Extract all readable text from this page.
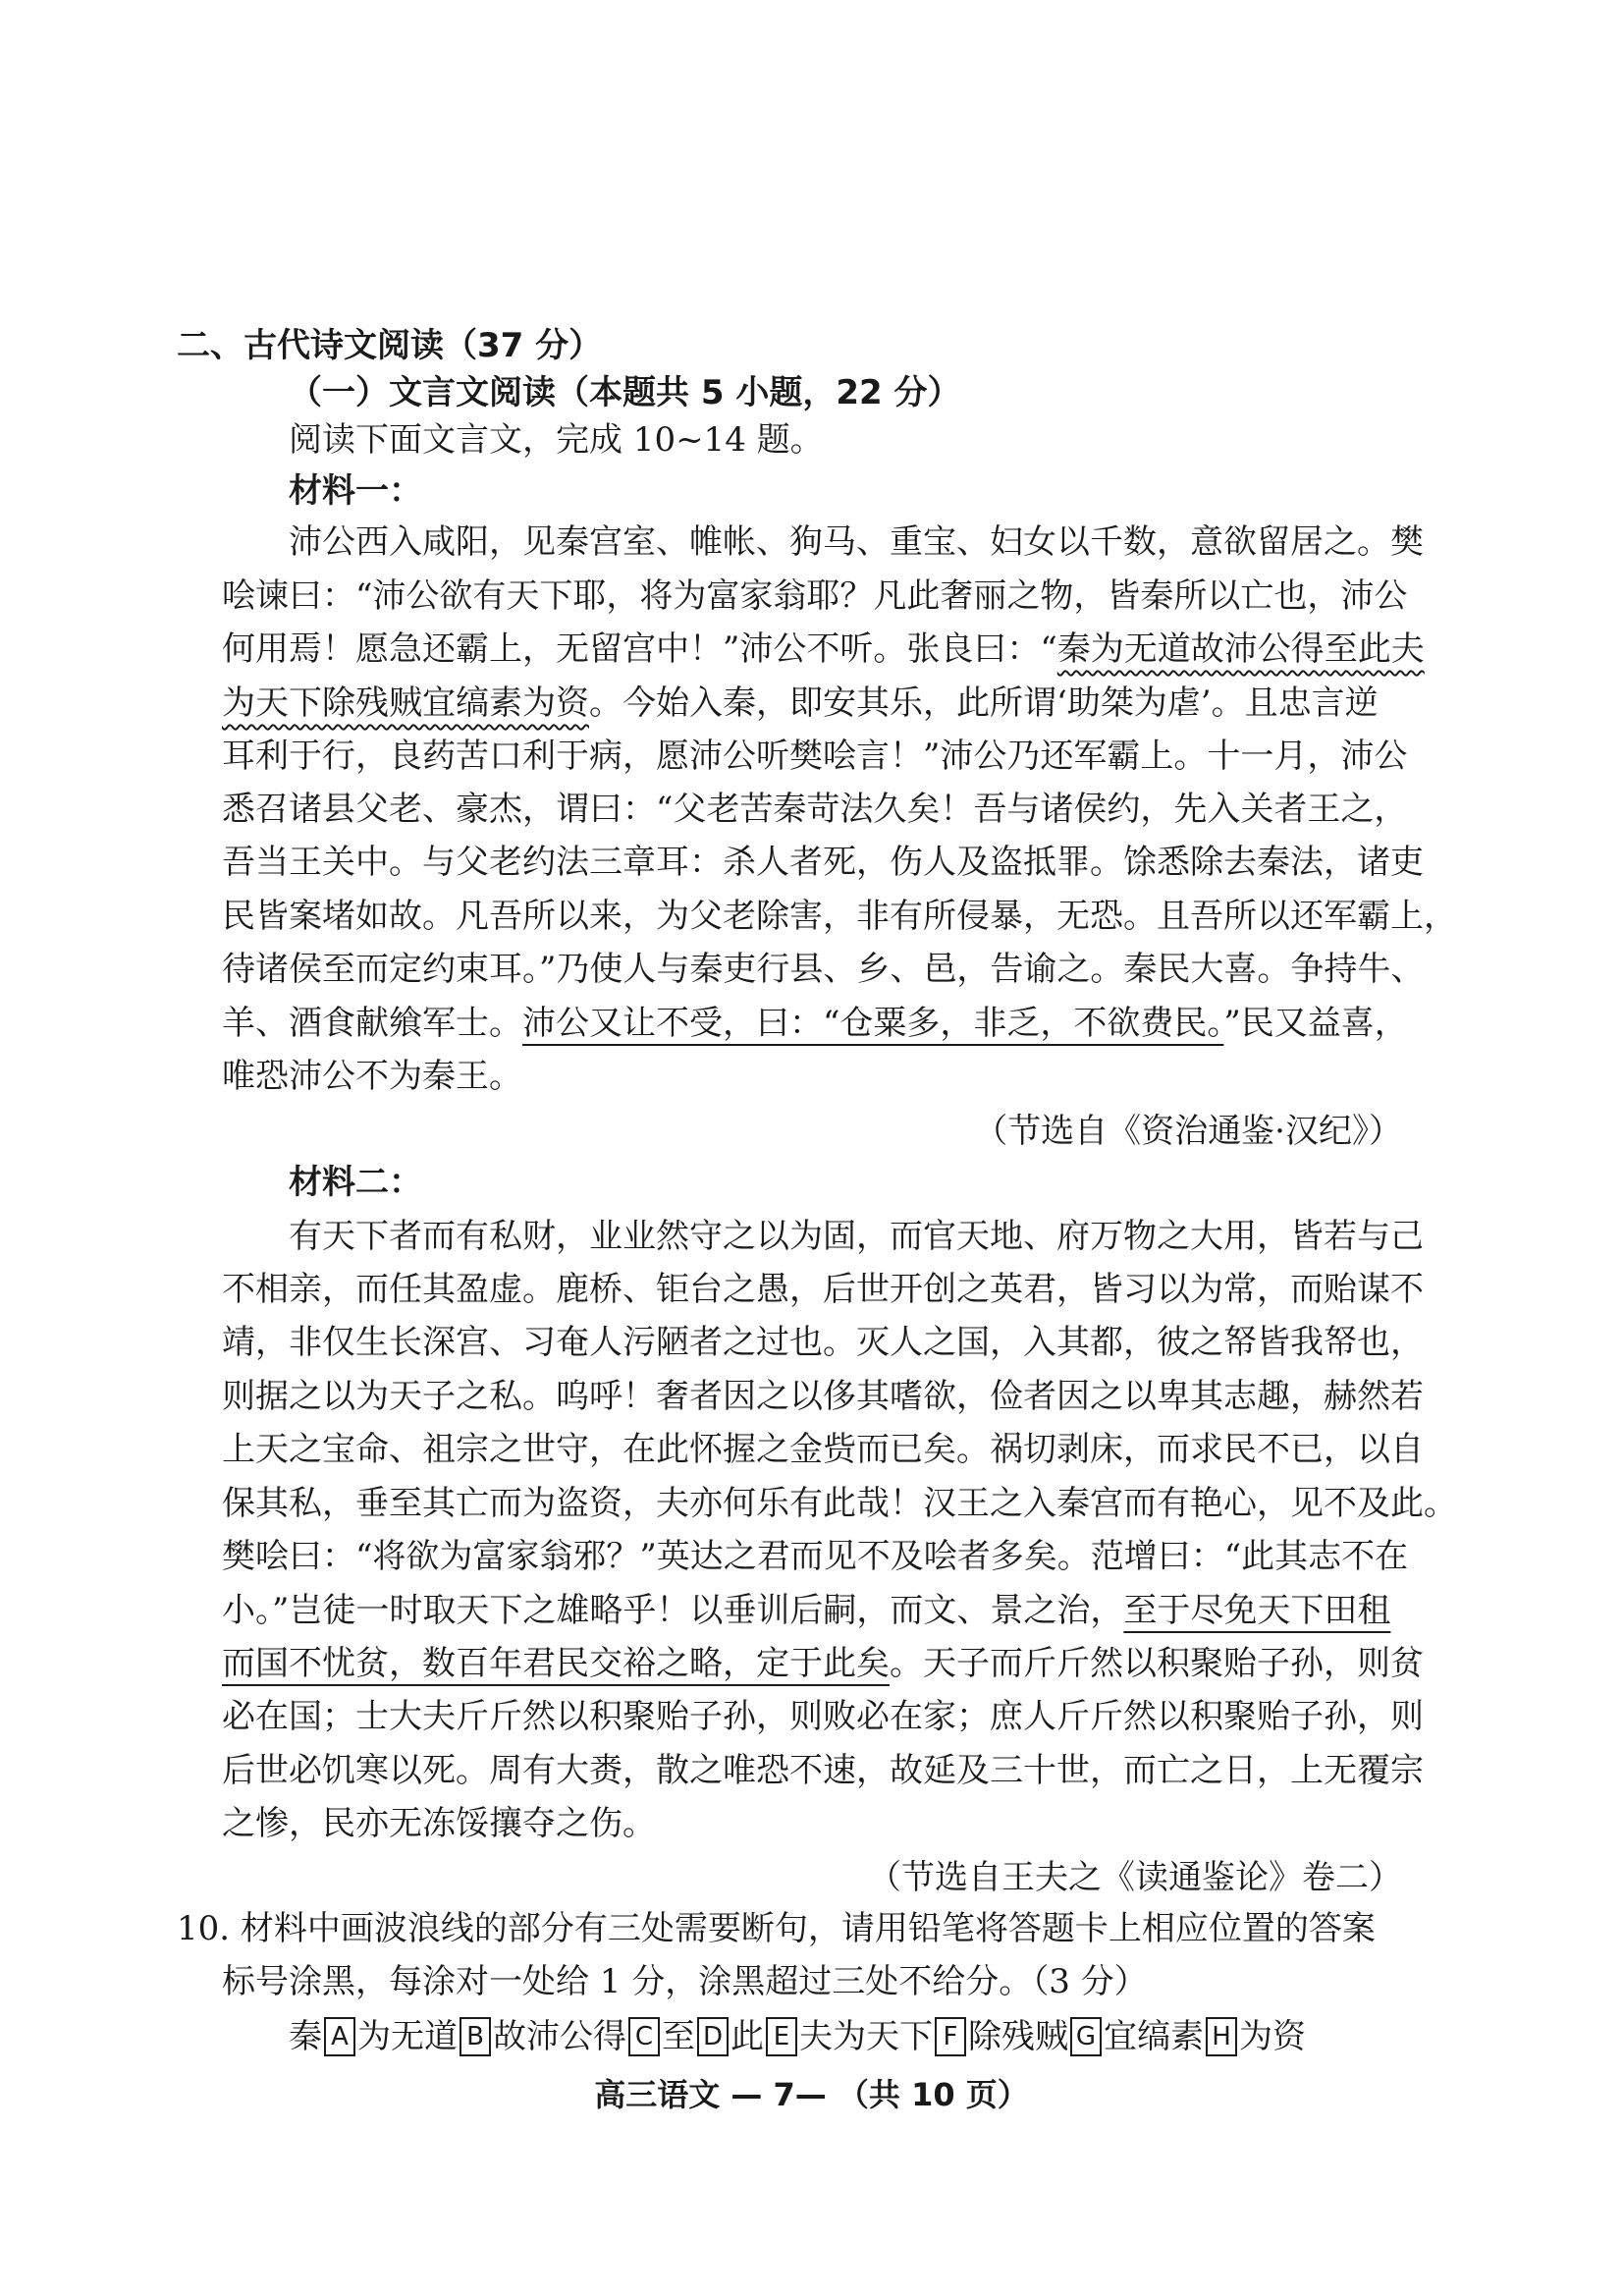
二、古代诗文阅读（37 分）
（一）文言文阅读（本题共 5 小题，22 分）
阅读下面文言文，完成 10~14 题。
材料一：
沛公西入咸阳，见秦宫室、帷帐、狗马、重宝、妇女以千数，意欲留居之。樊
哙谏曰：“沛公欲有天下耶，将为富家翁耶？凡此奢丽之物，皆秦所以亡也，沛公
何用焉！愿急还霸上，无留宫中！”沛公不听。张良曰：“秦为无道故沛公得至此夫
为天下除残贼宜缟素为资。今始入秦，即安其乐，此所谓‘助桀为虐’。且忠言逆
耳利于行，良药苦口利于病，愿沛公听樊哙言！”沛公乃还军霸上。十一月，沛公
悉召诸县父老、豪杰，谓曰：“父老苦秦苛法久矣！吾与诸侯约，先入关者王之，
吾当王关中。与父老约法三章耳：杀人者死，伤人及盗抵罪。馀悉除去秦法，诸吏
民皆案堵如故。凡吾所以来，为父老除害，非有所侵暴，无恐。且吾所以还军霸上，
待诸侯至而定约束耳。”乃使人与秦吏行县、乡、邑，告谕之。秦民大喜。争持牛、
羊、酒食献飨军士。沛公又让不受，曰：“仓粟多，非乏，不欲费民。”民又益喜，
唯恐沛公不为秦王。
（节选自《资治通鉴·汉纪》）
材料二：
有天下者而有私财，业业然守之以为固，而官天地、府万物之大用，皆若与己
不相亲，而任其盈虚。鹿桥、钜台之愚，后世开创之英君，皆习以为常，而贻谋不
靖，非仅生长深宫、习奄人污陋者之过也。灭人之国，入其都，彼之帑皆我帑也，
则据之以为天子之私。呜呼！奢者因之以侈其嗜欲，俭者因之以卑其志趣，赫然若
上天之宝命、祖宗之世守，在此怀握之金赀而已矣。祸切剥床，而求民不已，以自
保其私，垂至其亡而为盗资，夫亦何乐有此哉！汉王之入秦宫而有艳心，见不及此。
樊哙曰：“将欲为富家翁邪？”英达之君而见不及哙者多矣。范增曰：“此其志不在
小。”岂徒一时取天下之雄略乎！以垂训后嗣，而文、景之治，至于尽免天下田租
而国不忧贫，数百年君民交裕之略，定于此矣。天子而斤斤然以积聚贻子孙，则贫
必在国；士大夫斤斤然以积聚贻子孙，则败必在家；庶人斤斤然以积聚贻子孙，则
后世必饥寒以死。周有大赉，散之唯恐不速，故延及三十世，而亡之日，上无覆宗
之惨，民亦无冻馁攘夺之伤。
（节选自王夫之《读通鉴论》卷二）
10. 材料中画波浪线的部分有三处需要断句，请用铅笔将答题卡上相应位置的答案
标号涂黑，每涂对一处给 1 分，涂黑超过三处不给分。（3 分）
秦 A 为无道 B 故沛公得 C 至 D 此 E 夫为天下 F 除残贼 G 宜缟素 H 为资
高三语文 — 7— （共 10 页）
